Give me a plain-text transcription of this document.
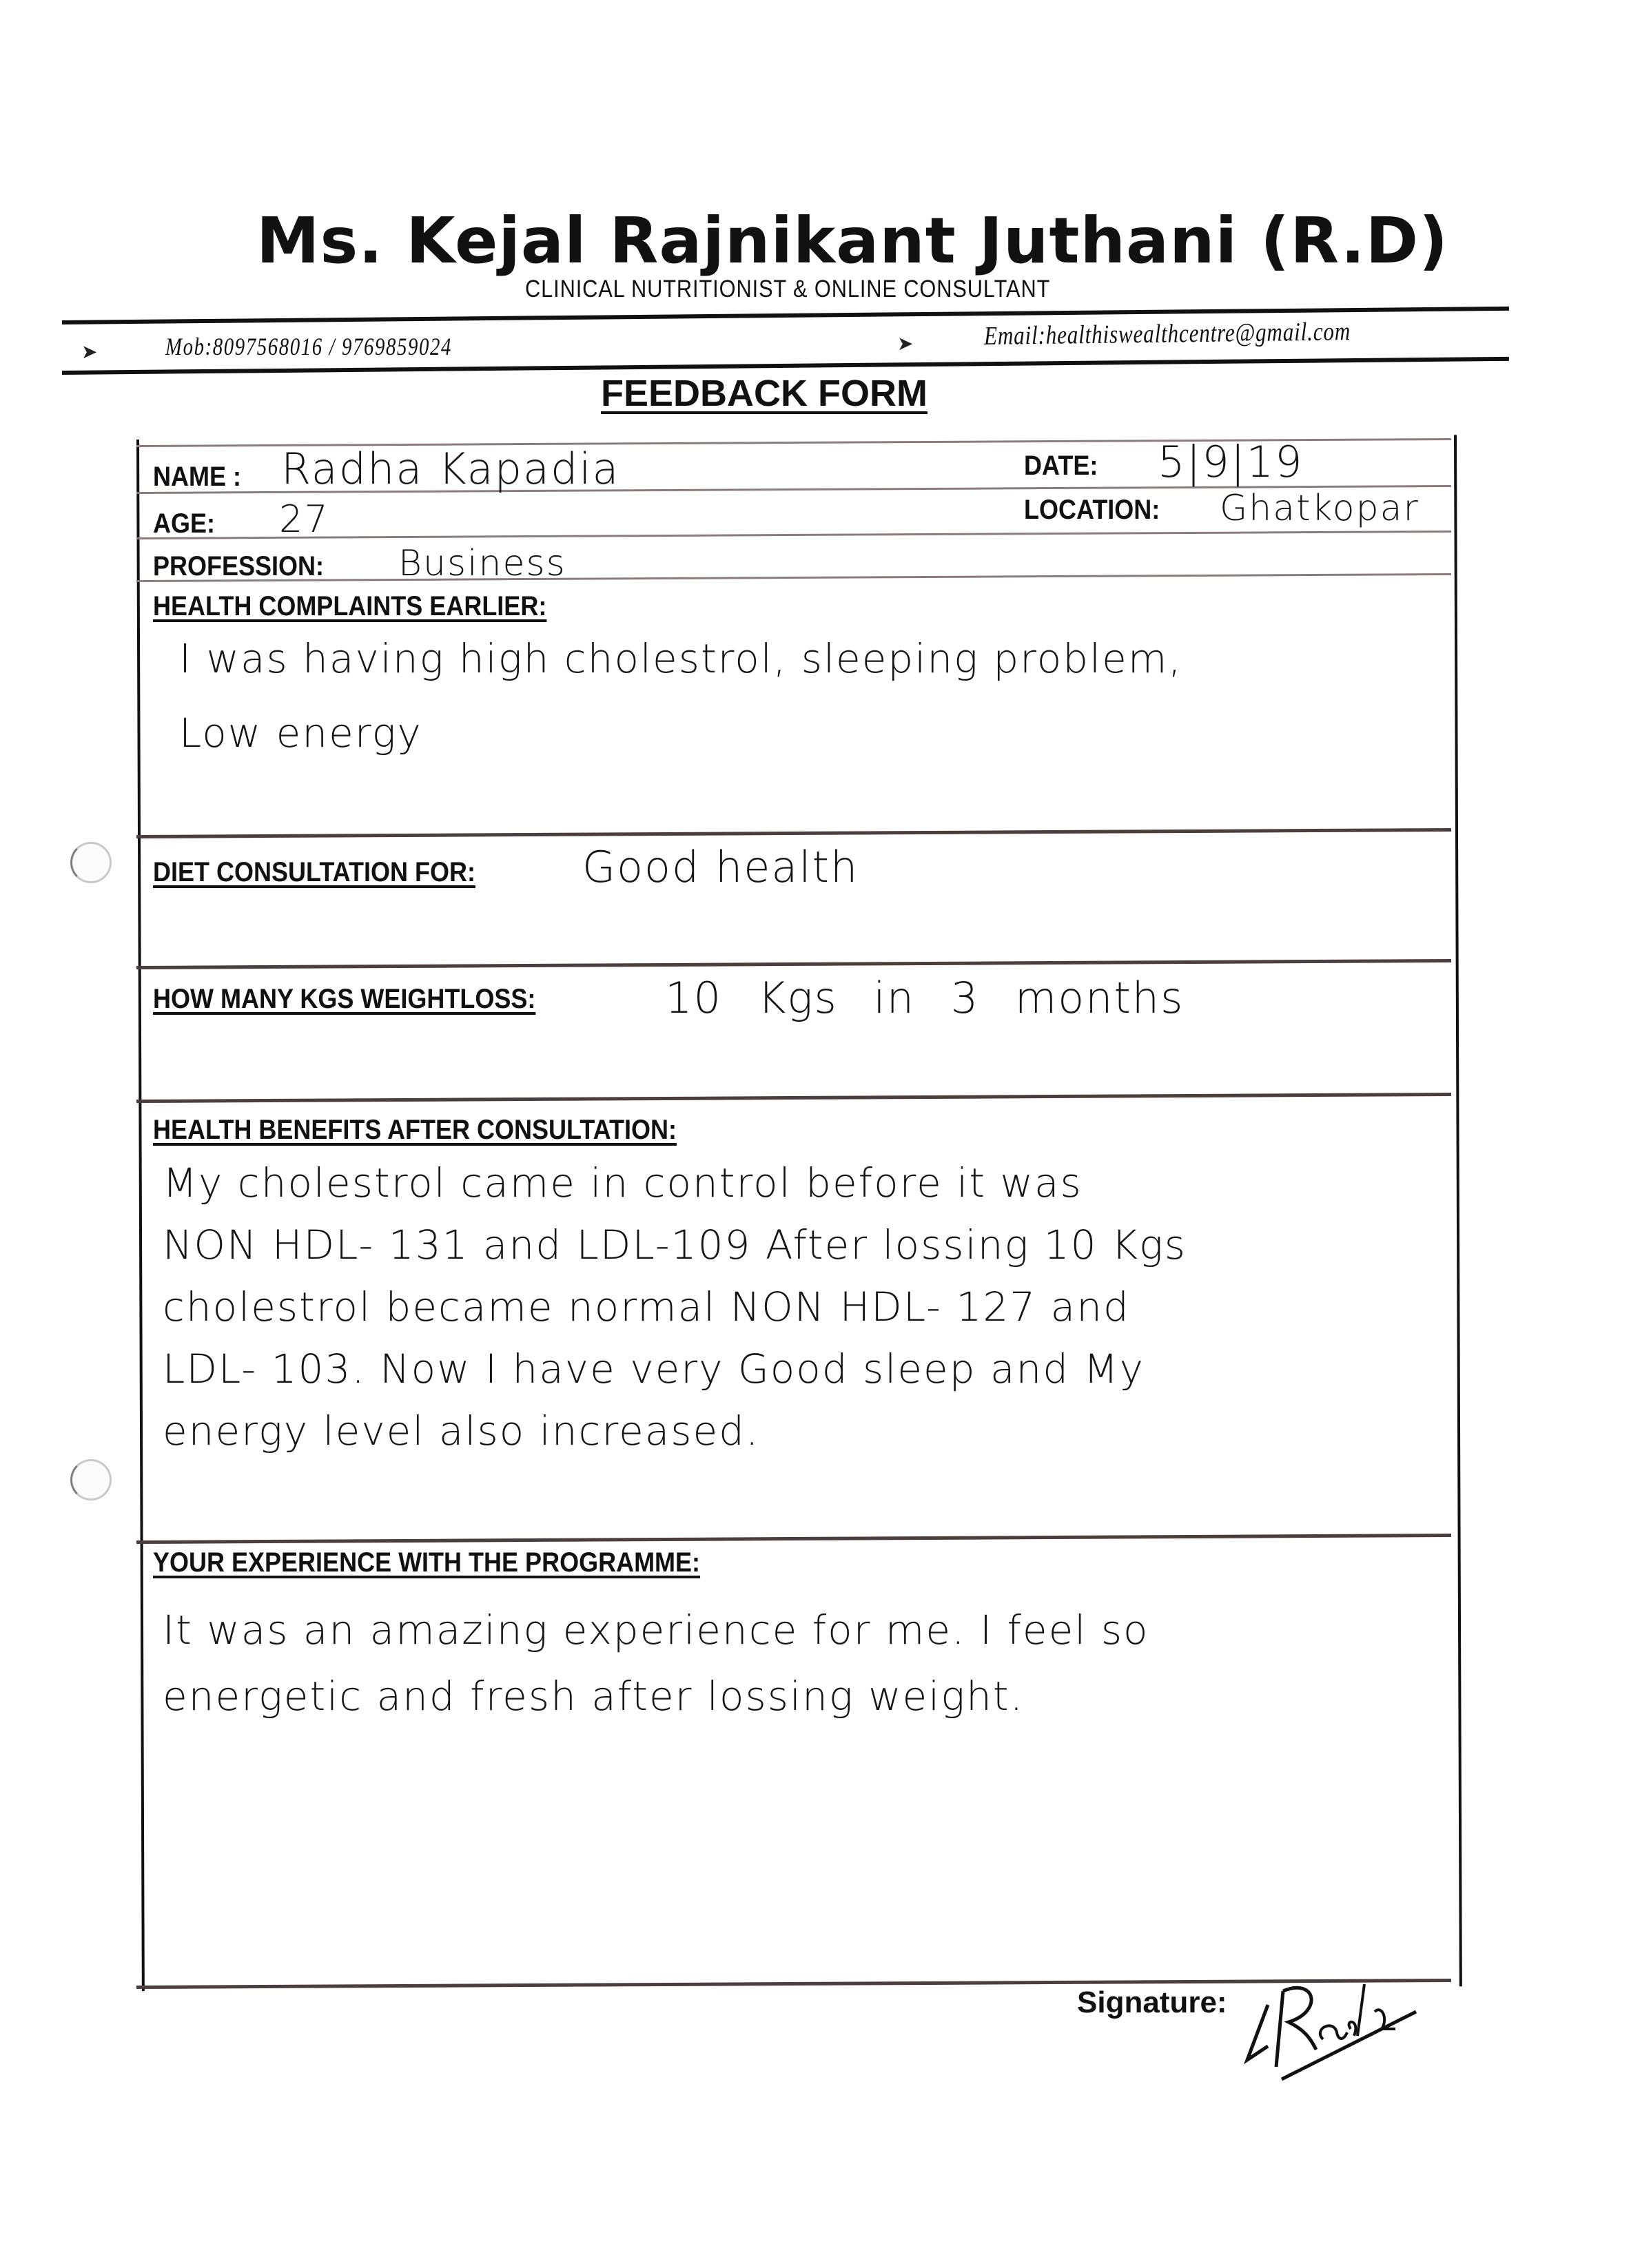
Ms. Kejal Rajnikant Juthani (R.D)
CLINICAL NUTRITIONIST & ONLINE CONSULTANT
➤	Mob:8097568016 / 9769859024	➤	Email:healthiswealthcentre@gmail.com
FEEDBACK FORM
NAME : Radha Kapadia	DATE: 5|9|19
AGE: 27	LOCATION: Ghatkopar
PROFESSION: Business
HEALTH COMPLAINTS EARLIER:
I was having high cholestrol, sleeping problem,
Low energy
DIET CONSULTATION FOR:	Good health
HOW MANY KGS WEIGHTLOSS:	10 Kgs in 3 months
HEALTH BENEFITS AFTER CONSULTATION:
My cholestrol came in control before it was
NON HDL- 131 and LDL-109 After lossing 10 Kgs
cholestrol became normal NON HDL- 127 and
LDL- 103. Now I have very Good sleep and My
energy level also increased.
YOUR EXPERIENCE WITH THE PROGRAMME:
It was an amazing experience for me. I feel so
energetic and fresh after lossing weight.
Signature:
